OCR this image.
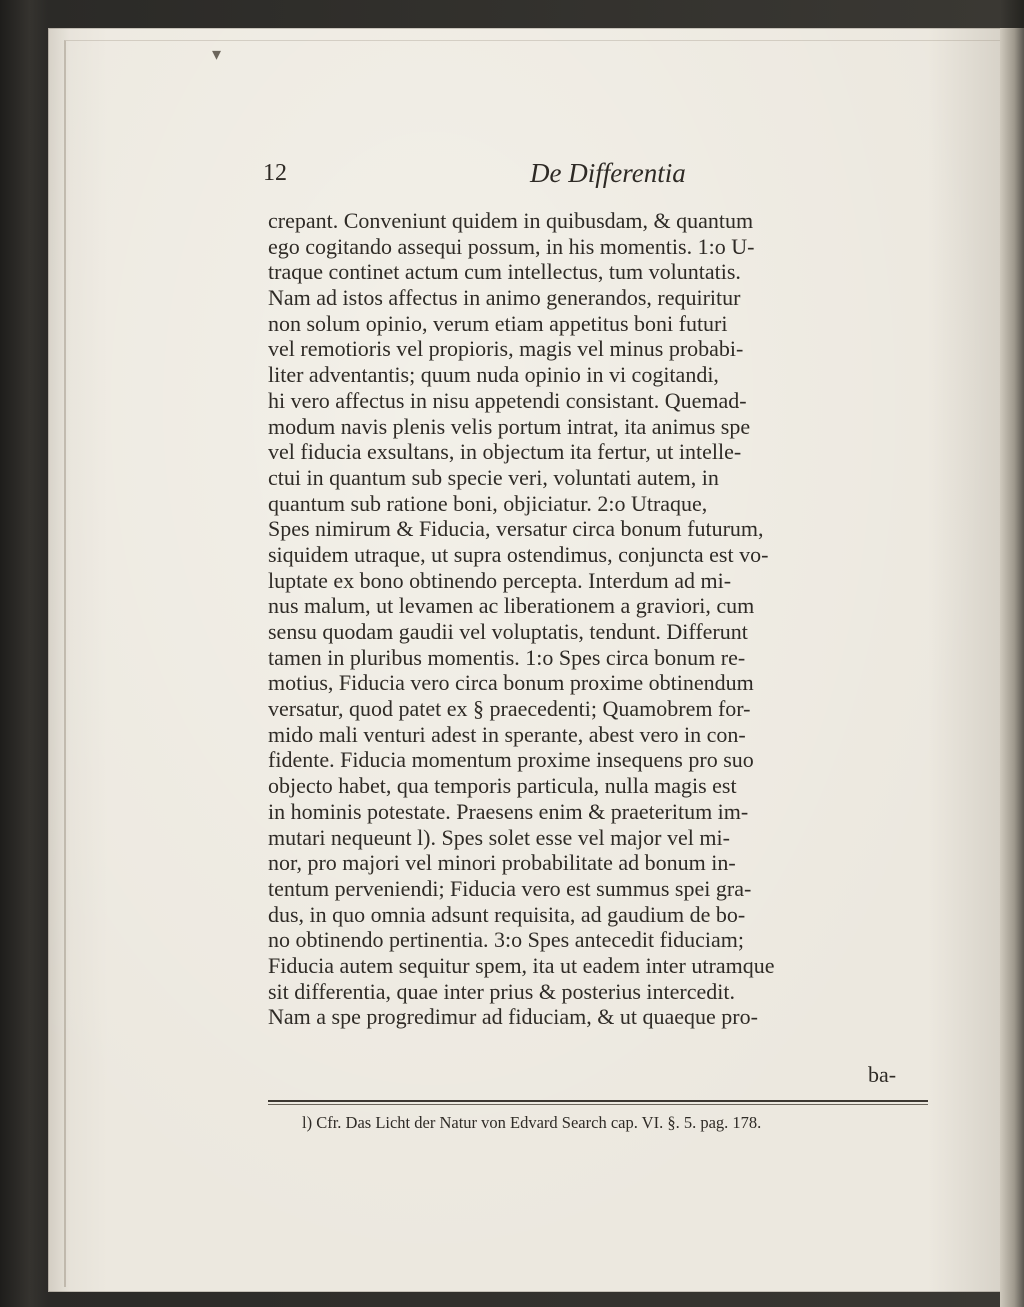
▾
12	De Differentia
crepant. Conveniunt quidem in quibusdam, & quantum
ego cogitando assequi possum, in his momentis. 1:o U-
traque continet actum cum intellectus, tum voluntatis.
Nam ad istos affectus in animo generandos, requiritur
non solum opinio, verum etiam appetitus boni futuri
vel remotioris vel propioris, magis vel minus probabi-
liter adventantis; quum nuda opinio in vi cogitandi,
hi vero affectus in nisu appetendi consistant. Quemad-
modum navis plenis velis portum intrat, ita animus spe
vel fiducia exsultans, in objectum ita fertur, ut intelle-
ctui in quantum sub specie veri, voluntati autem, in
quantum sub ratione boni, objiciatur. 2:o Utraque,
Spes nimirum & Fiducia, versatur circa bonum futurum,
siquidem utraque, ut supra ostendimus, conjuncta est vo-
luptate ex bono obtinendo percepta. Interdum ad mi-
nus malum, ut levamen ac liberationem a graviori, cum
sensu quodam gaudii vel voluptatis, tendunt. Differunt
tamen in pluribus momentis. 1:o Spes circa bonum re-
motius, Fiducia vero circa bonum proxime obtinendum
versatur, quod patet ex § praecedenti; Quamobrem for-
mido mali venturi adest in sperante, abest vero in con-
fidente. Fiducia momentum proxime insequens pro suo
objecto habet, qua temporis particula, nulla magis est
in hominis potestate. Praesens enim & praeteritum im-
mutari nequeunt l). Spes solet esse vel major vel mi-
nor, pro majori vel minori probabilitate ad bonum in-
tentum perveniendi; Fiducia vero est summus spei gra-
dus, in quo omnia adsunt requisita, ad gaudium de bo-
no obtinendo pertinentia. 3:o Spes antecedit fiduciam;
Fiducia autem sequitur spem, ita ut eadem inter utramque
sit differentia, quae inter prius & posterius intercedit.
Nam a spe progredimur ad fiduciam, & ut quaeque pro-
ba-
l) Cfr. Das Licht der Natur von Edvard Search cap. VI. §. 5. pag. 178.
